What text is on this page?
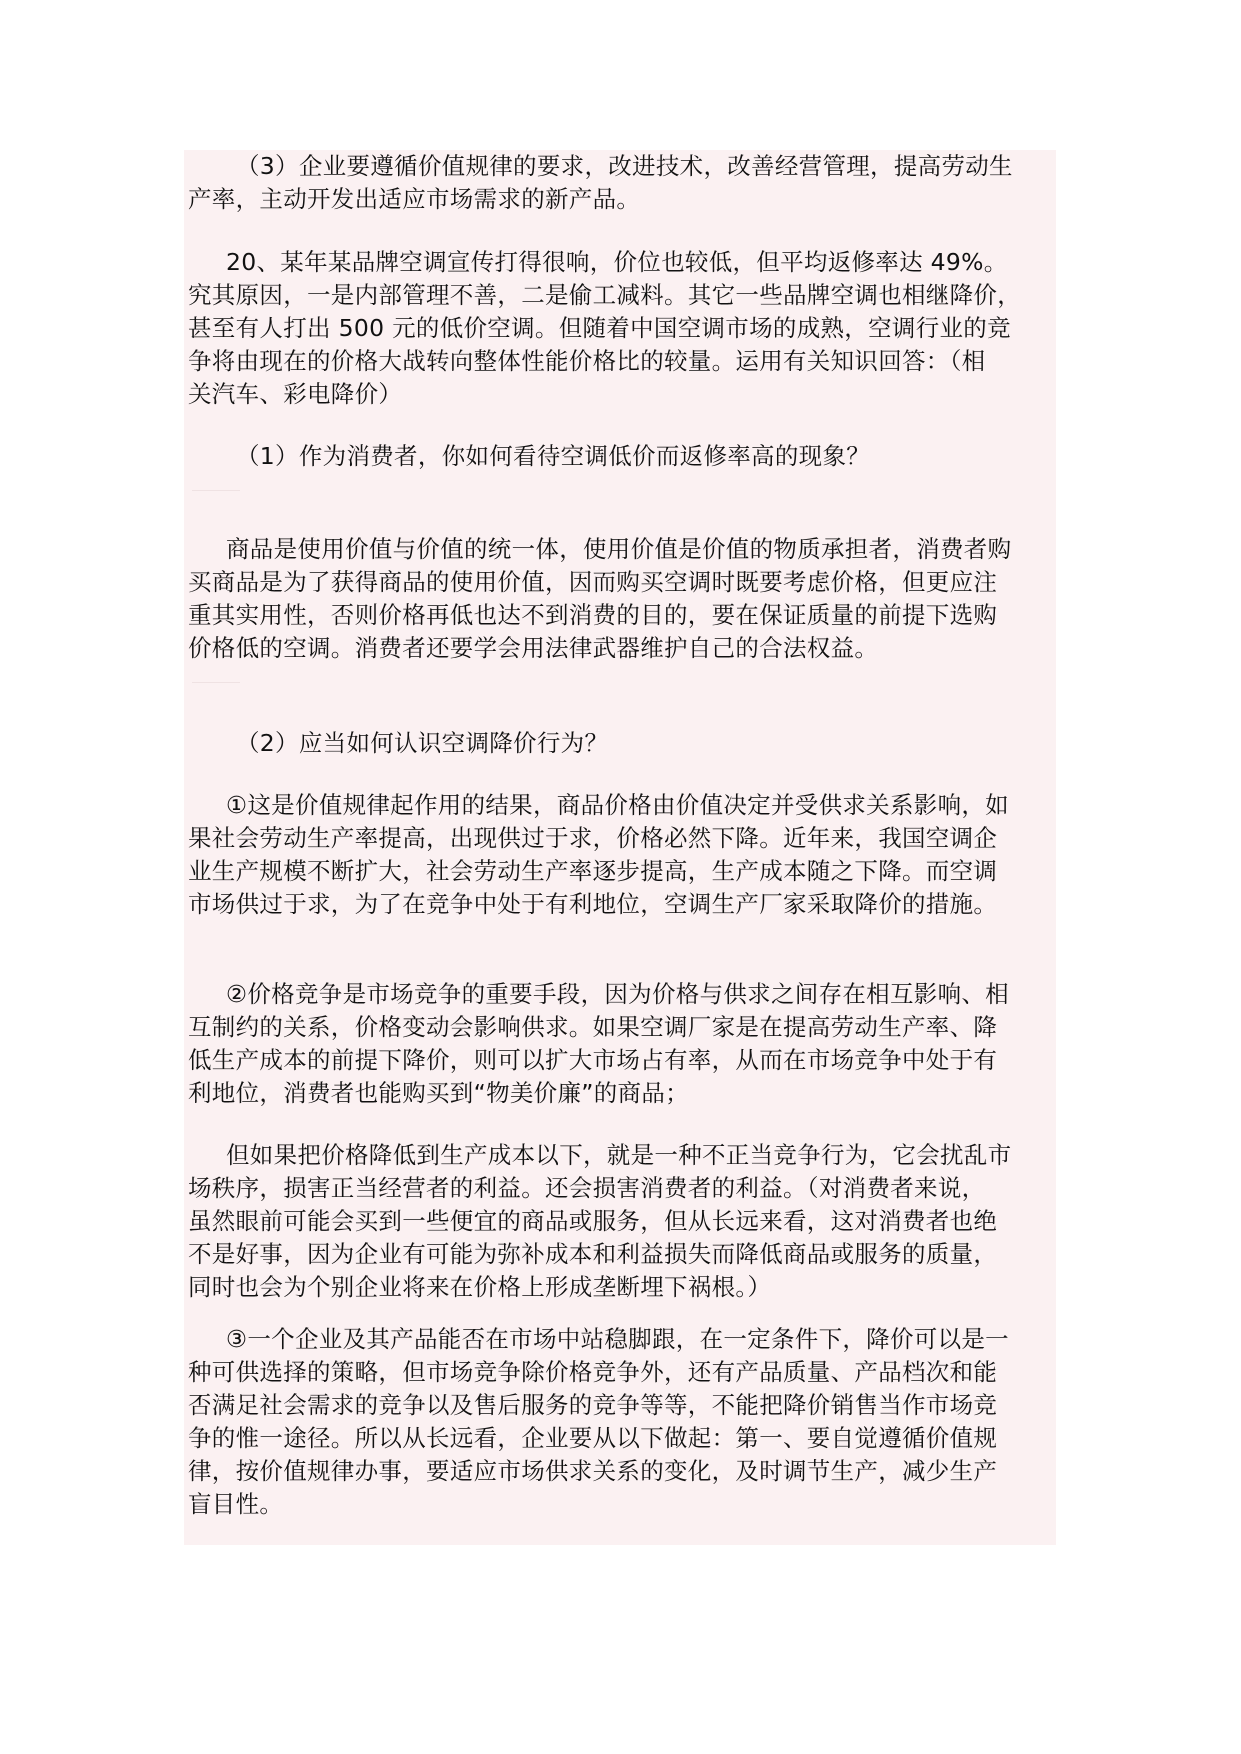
（3）企业要遵循价值规律的要求，改进技术，改善经营管理，提高劳动生
产率，主动开发出适应市场需求的新产品。

20、某年某品牌空调宣传打得很响，价位也较低，但平均返修率达 49%。
究其原因，一是内部管理不善，二是偷工减料。其它一些品牌空调也相继降价，
甚至有人打出 500 元的低价空调。但随着中国空调市场的成熟，空调行业的竞
争将由现在的价格大战转向整体性能价格比的较量。运用有关知识回答：（相
关汽车、彩电降价）

（1）作为消费者，你如何看待空调低价而返修率高的现象？

商品是使用价值与价值的统一体，使用价值是价值的物质承担者，消费者购
买商品是为了获得商品的使用价值，因而购买空调时既要考虑价格，但更应注
重其实用性，否则价格再低也达不到消费的目的，要在保证质量的前提下选购
价格低的空调。消费者还要学会用法律武器维护自己的合法权益。

（2）应当如何认识空调降价行为？

①这是价值规律起作用的结果，商品价格由价值决定并受供求关系影响，如
果社会劳动生产率提高，出现供过于求，价格必然下降。近年来，我国空调企
业生产规模不断扩大，社会劳动生产率逐步提高，生产成本随之下降。而空调
市场供过于求，为了在竞争中处于有利地位，空调生产厂家采取降价的措施。

②价格竞争是市场竞争的重要手段，因为价格与供求之间存在相互影响、相
互制约的关系，价格变动会影响供求。如果空调厂家是在提高劳动生产率、降
低生产成本的前提下降价，则可以扩大市场占有率，从而在市场竞争中处于有
利地位，消费者也能购买到“物美价廉”的商品；

但如果把价格降低到生产成本以下，就是一种不正当竞争行为，它会扰乱市
场秩序，损害正当经营者的利益。还会损害消费者的利益。（对消费者来说，
虽然眼前可能会买到一些便宜的商品或服务，但从长远来看，这对消费者也绝
不是好事，因为企业有可能为弥补成本和利益损失而降低商品或服务的质量，
同时也会为个别企业将来在价格上形成垄断埋下祸根。）

③一个企业及其产品能否在市场中站稳脚跟，在一定条件下，降价可以是一
种可供选择的策略，但市场竞争除价格竞争外，还有产品质量、产品档次和能
否满足社会需求的竞争以及售后服务的竞争等等，不能把降价销售当作市场竞
争的惟一途径。所以从长远看，企业要从以下做起：第一、要自觉遵循价值规
律，按价值规律办事，要适应市场供求关系的变化，及时调节生产，减少生产
盲目性。
